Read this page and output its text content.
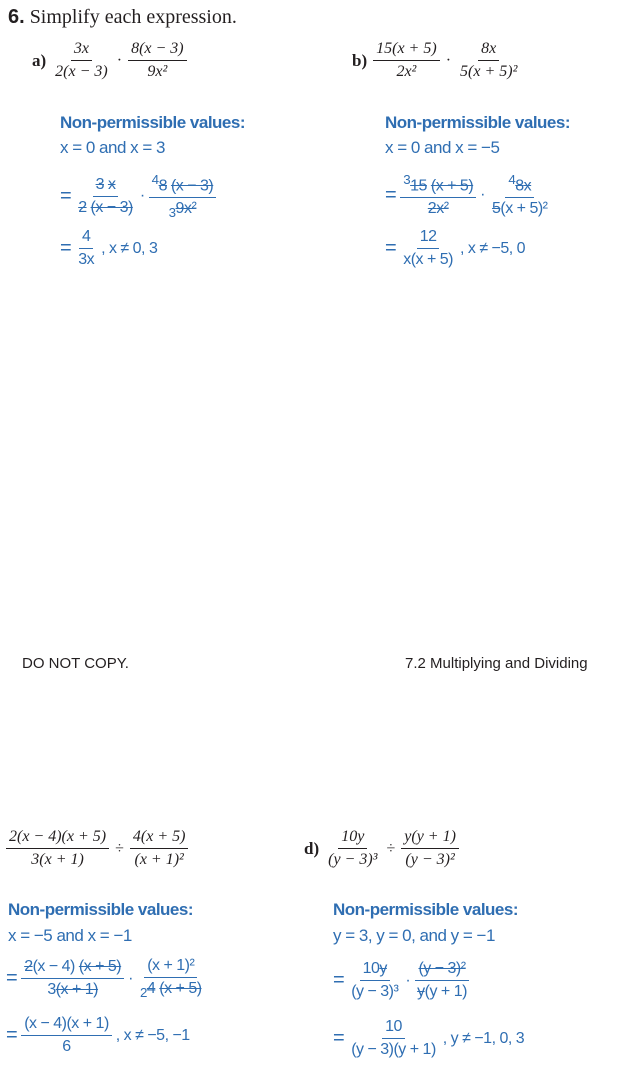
6. Simplify each expression.
$a) \frac{3x}{2(x - 3)} \cdot \frac{8(x - 3)}{\text{9x²}}$
Non-permissible values:
x = 0 and x = 3
= $\frac{3 x}{2 (x - 3)} \cdot \frac{^48 (x - 3)}{_39x^2}$
= $\frac{4}{3x}$ , x ≠ 0, 3
$b) \frac{15(x + 5)}{\text{2x²}} \cdot \frac{8x}{\text{5(x + 5)²}}$
Non-permissible values:
x = 0 and x = −5
= $\frac{^315 (x + 5)}{\text{2x²}} \cdot \frac{^48x}{\text{5(x + 5)²}}$
= $\frac{12}{x(x + 5)}$ , x ≠ −5, 0
DO NOT COPY.	7.2 Multiplying and Dividing
$\frac{2(x - 4)(x + 5)}{3(x + 1)} \div \frac{4(x + 5)}{\text{(x + 1)²}}$
Non-permissible values:
x = −5 and x = −1
= $\frac{2(x - 4) (x + 5)}{3(x + 1)} \cdot \frac{\text{(x + 1)²}}{_24 (x + 5)}$
= $\frac{(x - 4)(x + 1)}{6}$ , x ≠ −5, −1
$d) \frac{10y}{\text{(y − 3)³}} \div \frac{y(y + 1)}{\text{(y − 3)²}}$
Non-permissible values:
y = 3, y = 0, and y = −1
= $\frac{10y}{\text{(y − 3)³}} \cdot \frac{\text{(y − 3)²}}{y(y + 1)}$
= $\frac{10}{(y - 3)(y + 1)}$ , y ≠ −1, 0, 3
